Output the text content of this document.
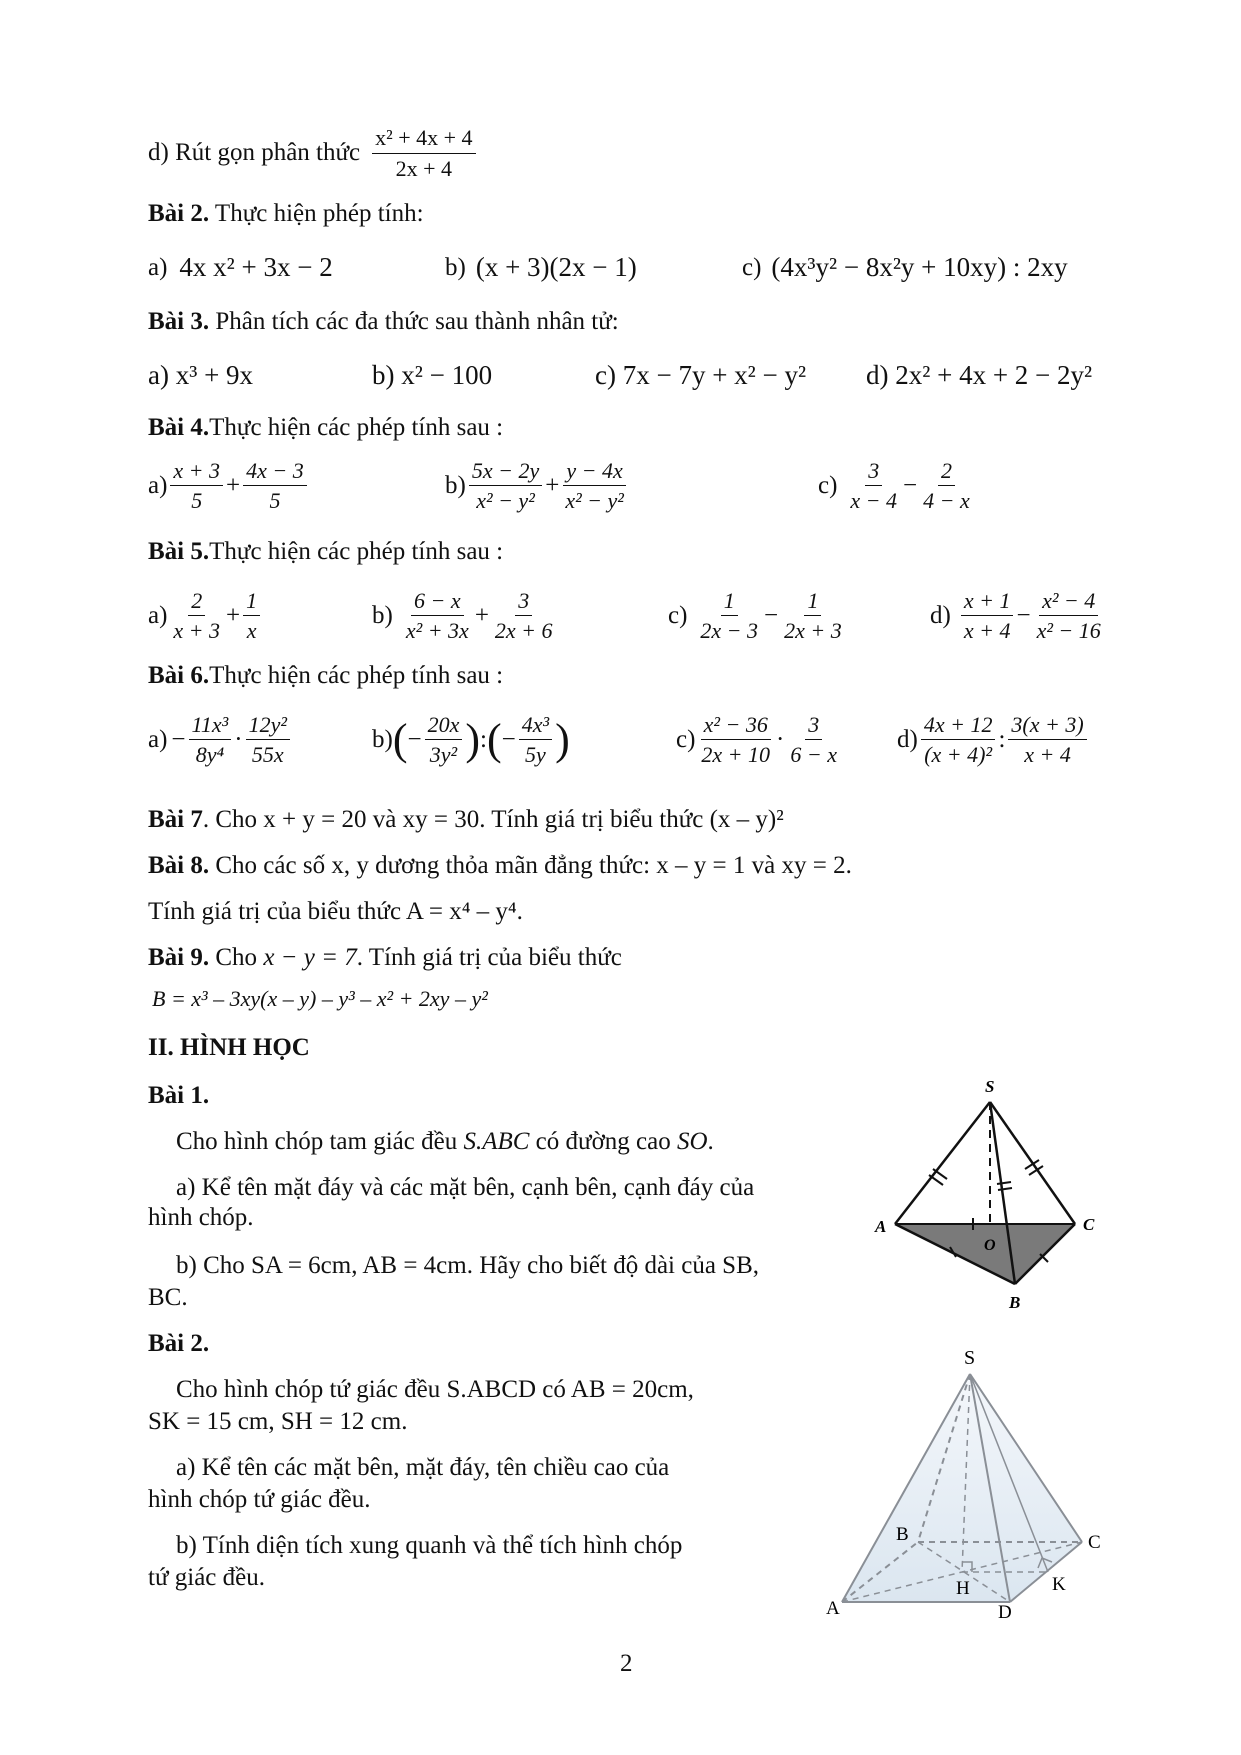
d) Rút gọn phân thức $\frac{\text{x² + 4x + 4}}{2x + 4}$
Bài 2. Thực hiện phép tính:
a) 4x x² + 3x − 2	b) (x + 3)(2x − 1)	c) (4x³y² − 8x²y + 10xy) : 2xy
Bài 3. Phân tích các đa thức sau thành nhân tử:
a) x³ + 9x	b) x² − 100	c) 7x − 7y + x² − y² d) 2x² + 4x + 2 − 2y²
Bài 4.Thực hiện các phép tính sau :
$a) \frac{x + 3}{5} + \frac{4x - 3}{5}$	$b) \frac{5x - 2y}{\text{x² − y²}} + \frac{y - 4x}{\text{x² − y²}}$	$c) \frac{3}{x - 4} - \frac{2}{4 - x}$
Bài 5.Thực hiện các phép tính sau :
$a) \frac{2}{x + 3} + \frac{1}{x}$	$b) \frac{6 - x}{\text{x² + 3x}} + \frac{3}{2x + 6}$	$c) \frac{1}{2x - 3} - \frac{1}{2x + 3}$	$d) \frac{x + 1}{x + 4} - \frac{\text{x² − 4}}{\text{x² − 16}}$
Bài 6.Thực hiện các phép tính sau :
$a) - \frac{\text{11x³}}{\text{8y⁴}} \cdot \frac{\text{12y²}}{55x}$	b) ( − $\frac{20x}{\text{3y²}}$ ) : ( − $\frac{\text{4x³}}{5y}$ )	$c) \frac{\text{x² − 36}}{2x + 10} \cdot \frac{3}{6 - x} d) \frac{4x + 12}{\text{(x + 4)²}}$ : $\frac{3(x + 3)}{x + 4}$
Bài 7. Cho x + y = 20 và xy = 30. Tính giá trị biểu thức (x – y)²
Bài 8. Cho các số x, y dương thỏa mãn đẳng thức: x – y = 1 và xy = 2.
Tính giá trị của biểu thức A = x⁴ – y⁴.
Bài 9. Cho x − y = 7. Tính giá trị của biểu thức
B = x³ – 3xy(x – y) – y³ – x² + 2xy – y²
II. HÌNH HỌC
Bài 1.
Cho hình chóp tam giác đều S.ABC có đường cao SO.
a) Kể tên mặt đáy và các mặt bên, cạnh bên, cạnh đáy của
hình chóp.
b) Cho SA = 6cm, AB = 4cm. Hãy cho biết độ dài của SB,
BC.
S
A	C
O
B
Bài 2.
Cho hình chóp tứ giác đều S.ABCD có AB = 20cm,
SK = 15 cm, SH = 12 cm.
a) Kể tên các mặt bên, mặt đáy, tên chiều cao của
hình chóp tứ giác đều.
b) Tính diện tích xung quanh và thể tích hình chóp
tứ giác đều.
S
A
B	C
D
H	K
2
